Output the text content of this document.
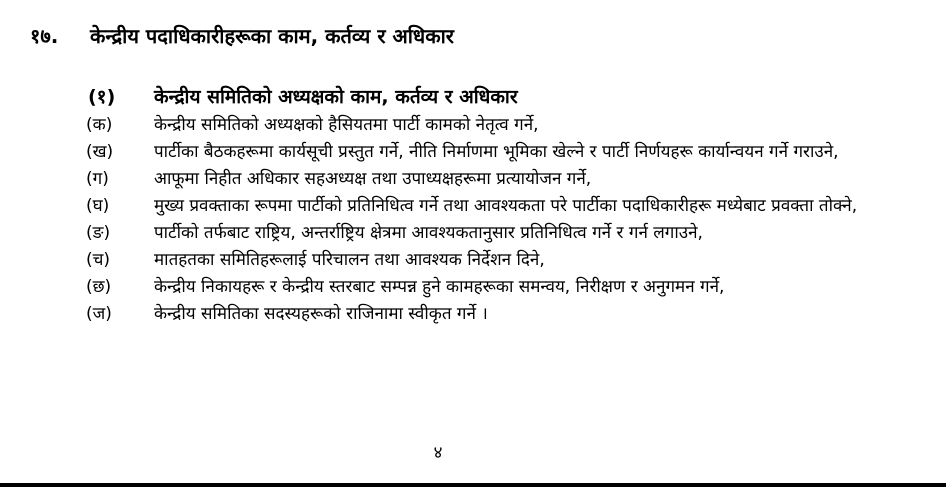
१७. केन्द्रीय पदाधिकारीहरूका काम, कर्तव्य र अधिकार
(१) केन्द्रीय समितिको अध्यक्षको काम, कर्तव्य र अधिकार
(क)	केन्द्रीय समितिको अध्यक्षको हैसियतमा पार्टी कामको नेतृत्व गर्ने,
(ख)	पार्टीका बैठकहरूमा कार्यसूची प्रस्तुत गर्ने, नीति निर्माणमा भूमिका खेल्ने र पार्टी निर्णयहरू कार्यान्वयन गर्ने गराउने,
(ग)	आफूमा निहीत अधिकार सहअध्यक्ष तथा उपाध्यक्षहरूमा प्रत्यायोजन गर्ने,
(घ)	मुख्य प्रवक्ताका रूपमा पार्टीको प्रतिनिधित्व गर्ने तथा आवश्यकता परे पार्टीका पदाधिकारीहरू मध्येबाट प्रवक्ता तोक्ने,
(ङ)	पार्टीको तर्फबाट राष्ट्रिय, अन्तर्राष्ट्रिय क्षेत्रमा आवश्यकतानुसार प्रतिनिधित्व गर्ने र गर्न लगाउने,
(च)	मातहतका समितिहरूलाई परिचालन तथा आवश्यक निर्देशन दिने,
(छ)	केन्द्रीय निकायहरू र केन्द्रीय स्तरबाट सम्पन्न हुने कामहरूका समन्वय, निरीक्षण र अनुगमन गर्ने,
(ज)	केन्द्रीय समितिका सदस्यहरूको राजिनामा स्वीकृत गर्ने ।
४
